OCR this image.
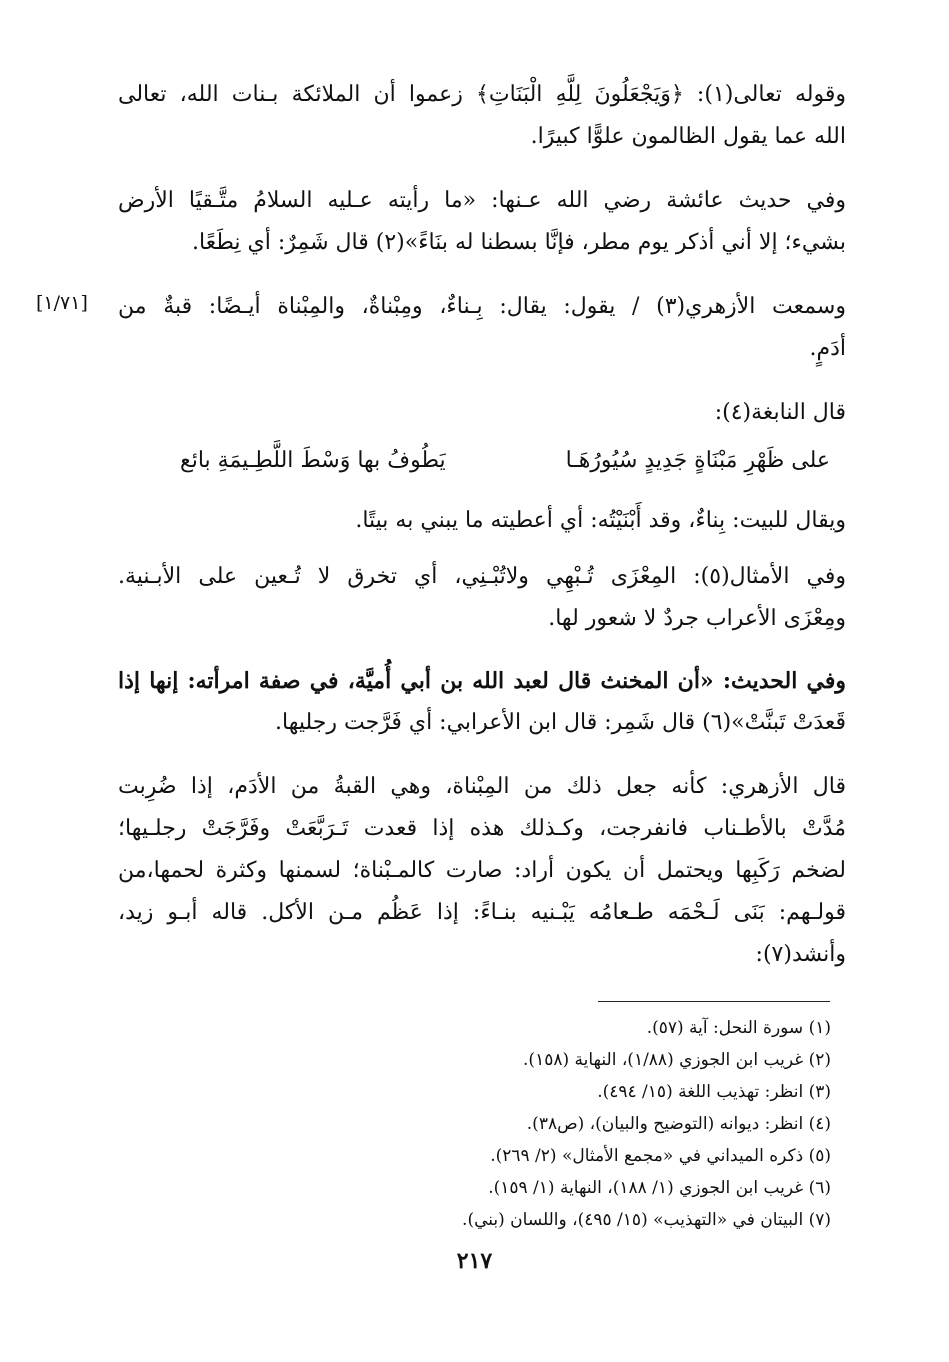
وقوله تعالى(١): ﴿وَيَجْعَلُونَ لِلَّهِ الْبَنَاتِ﴾ زعموا أن الملائكة بـنات الله، تعالى
الله عما يقول الظالمون علوًّا كبيرًا.
وفي حديث عائشة رضي الله عـنها: «ما رأيته عـليه السلامُ متَّـقيًا الأرض
بشيء؛ إلا أني أذكر يوم مطر، فإنَّا بسطنا له بنَاءً»(٢) قال شَمِرٌ: أي نِطَعًا.
وسمعت الأزهري(٣) / يقول: يقال: بِـناءٌ، ومِبْناةٌ، والمِبْناة أيـضًا: قبةٌ من
أدَمٍ.
[١/٧١]
قال النابغة(٤):
على ظَهْرِ مَبْنَاةٍ جَدِيدٍ سُيُورُهَـا
يَطُوفُ بها وَسْطَ اللَّطِـيمَةِ بائع
ويقال للبيت: بِناءٌ، وقد أَبْنَيْتُه: أي أعطيته ما يبني به بيتًا.
وفي الأمثال(٥): المِعْزَى تُـبْهِي ولاتُبْـنِي، أي تخرق لا تُـعين على الأبـنية.
ومِعْزَى الأعراب جردٌ لا شعور لها.
وفي الحديث: «أن المخنث قال لعبد الله بن أبي أُميَّة، في صفة امرأته: إنها إذا
قَعدَتْ تَبنَّتْ»(٦) قال شَمِر: قال ابن الأعرابي: أي فَرَّجت رجليها.
قال الأزهري: كأنه جعل ذلك من المِبْناة، وهي القبةُ من الأدَم، إذا ضُرِبت
مُدَّتْ بالأطـناب فانفرجت، وكـذلك هذه إذا قعدت تَـرَبَّعَتْ وفَرَّجَتْ رجلـيها؛
لضخم رَكَبِها ويحتمل أن يكون أراد: صارت كالمـبْناة؛ لسمنها وكثرة لحمها،من
قولـهم: بَنَى لَـحْمَه طـعامُه يَبْـنيه بنـاءً: إذا عَظُم مـن الأكل. قاله أبـو زيد،
وأنشد(٧):
(١) سورة النحل: آية (٥٧).
(٢) غريب ابن الجوزي (١/٨٨)، النهاية (١٥٨).
(٣) انظر: تهذيب اللغة (١٥/ ٤٩٤).
(٤) انظر: ديوانه (التوضيح والبيان)، (ص٣٨).
(٥) ذكره الميداني في «مجمع الأمثال» (٢/ ٢٦٩).
(٦) غريب ابن الجوزي (١/ ١٨٨)، النهاية (١/ ١٥٩).
(٧) البيتان في «التهذيب» (١٥/ ٤٩٥)، واللسان (بني).
٢١٧
